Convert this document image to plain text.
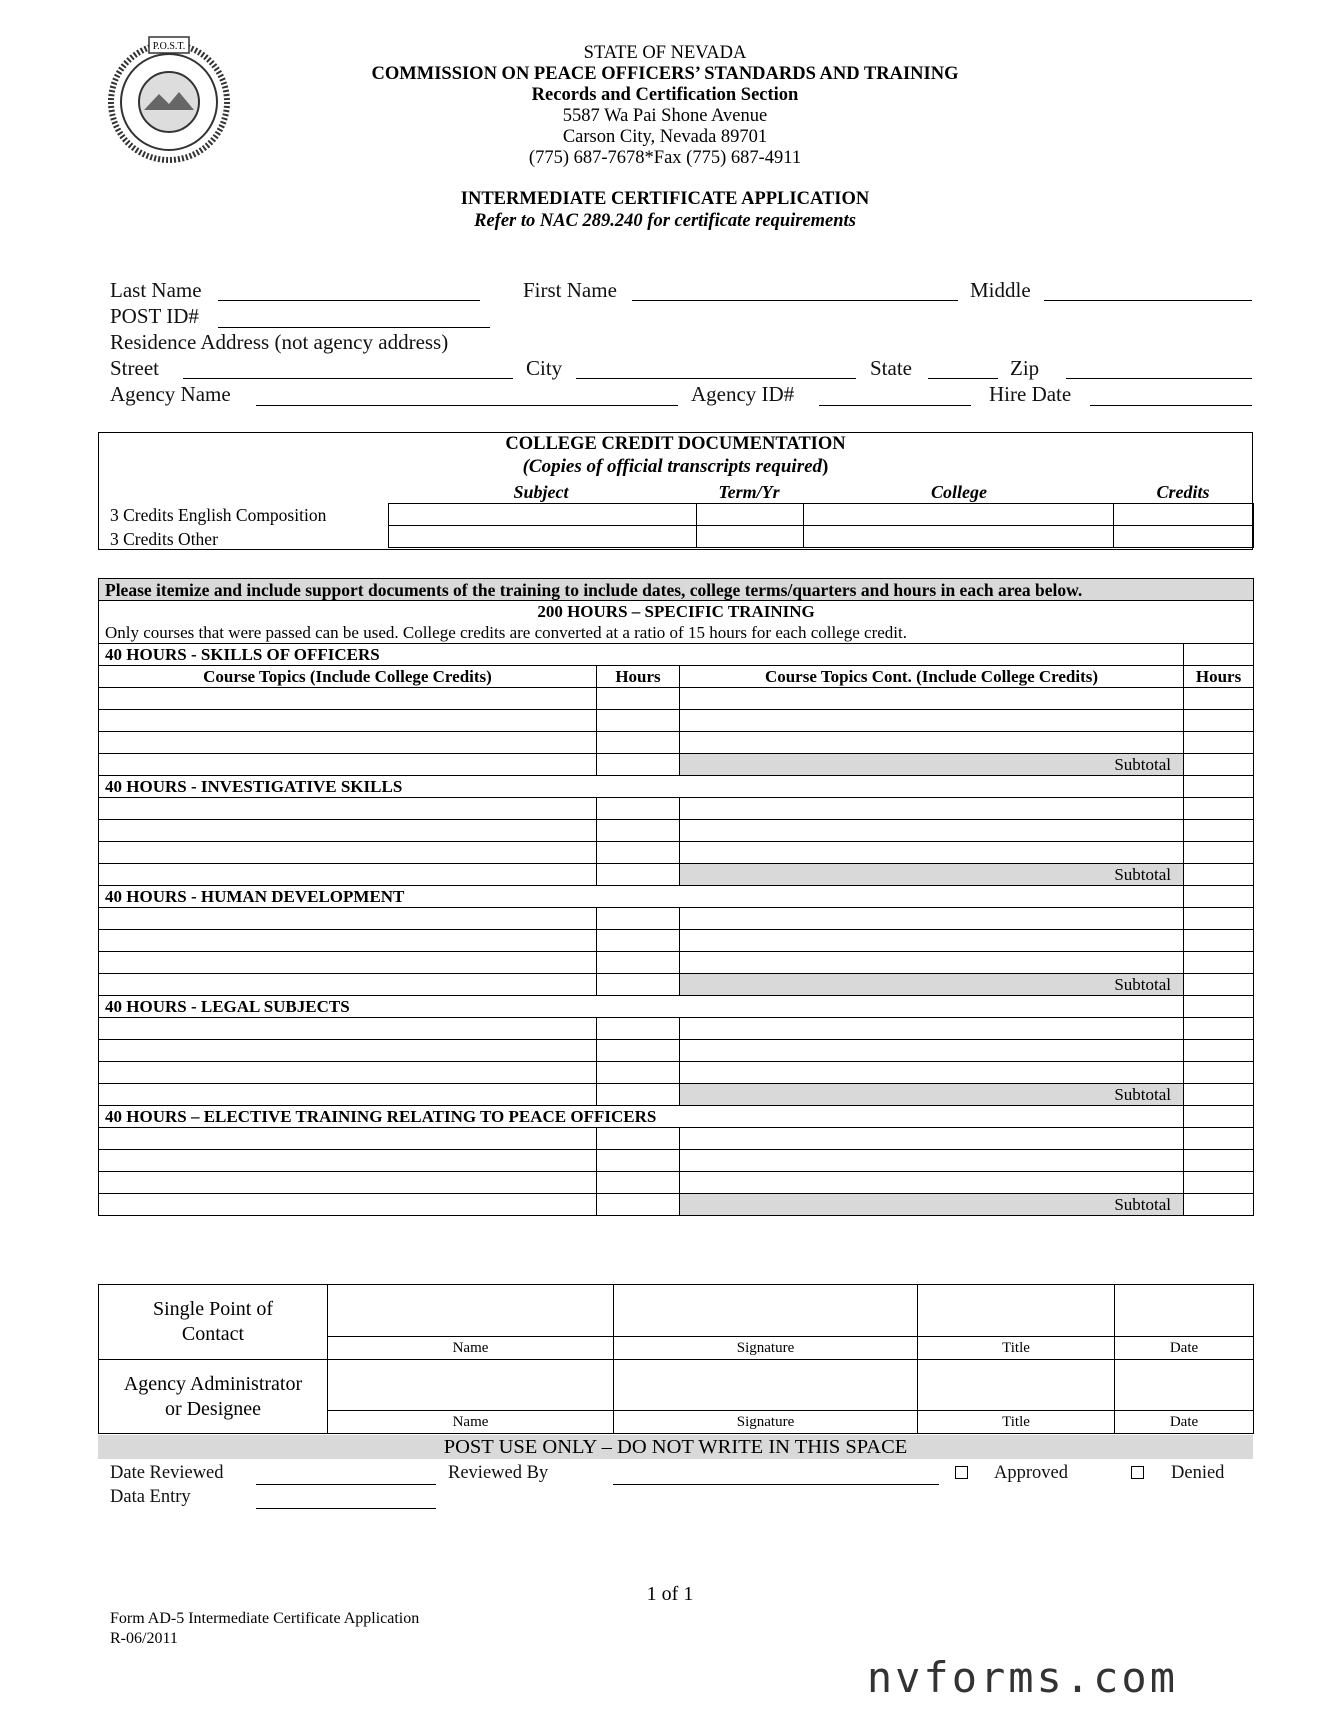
P.O.S.T.	STATE OF NEVADA
COMMISSION ON PEACE OFFICERS’ STANDARDS AND TRAINING
Records and Certification Section
5587 Wa Pai Shone Avenue
Carson City, Nevada 89701
(775) 687-7678*Fax (775) 687-4911
INTERMEDIATE CERTIFICATE APPLICATION
Refer to NAC 289.240 for certificate requirements
Last Name	First Name	Middle
POST ID#
Residence Address (not agency address)
Street	City	State	Zip
Agency Name	Agency ID#	Hire Date
COLLEGE CREDIT DOCUMENTATION
(Copies of official transcripts required)
Subject	Term/Yr	College	Credits
3 Credits English Composition
3 Credits Other

Please itemize and include support documents of the training to include dates, college terms/quarters and hours in each area below.			
200 HOURS – SPECIFIC TRAINING			
Only courses that were passed can be used. College credits are converted at a ratio of 15 hours for each college credit.			
40 HOURS - SKILLS OF OFFICERS			
Course Topics (Include College Credits)	Hours	Course Topics Cont. (Include College Credits)	Hours

		Subtotal	
40 HOURS - INVESTIGATIVE SKILLS			

		Subtotal	
40 HOURS - HUMAN DEVELOPMENT			

		Subtotal	
40 HOURS - LEGAL SUBJECTS			

		Subtotal	
40 HOURS – ELECTIVE TRAINING RELATING TO PEACE OFFICERS			

		Subtotal	
Single Point of
Contact				

	Name	Signature	Title	Date

Agency Administrator
or Designee				

	Name	Signature	Title	Date
POST USE ONLY – DO NOT WRITE IN THIS SPACE
Date Reviewed	Reviewed By	Approved	Denied
Data Entry
1 of 1
Form AD-5 Intermediate Certificate Application
R-06/2011
nvforms.com
